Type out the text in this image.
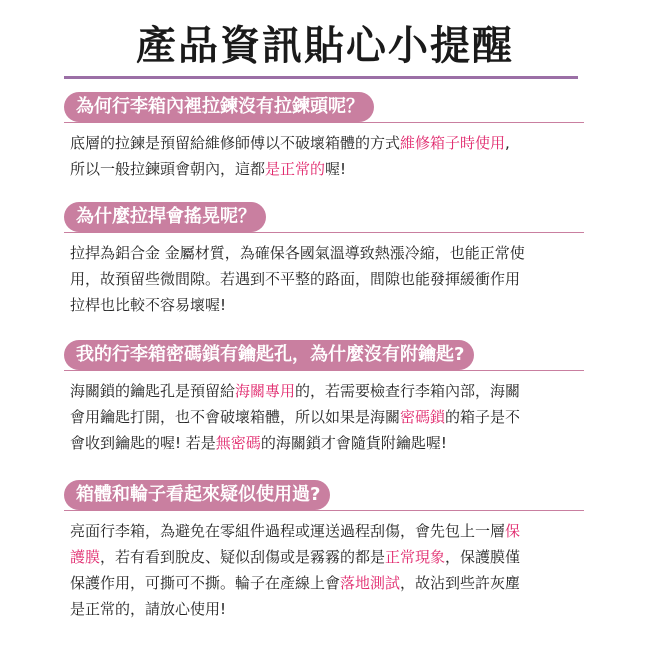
產品資訊貼心小提醒
為何行李箱內裡拉鍊沒有拉鍊頭呢？
底層的拉鍊是預留給維修師傅以不破壞箱體的方式維修箱子時使用,
所以一般拉鍊頭會朝內，這都是正常的喔!
為什麼拉捍會搖晃呢？
拉捍為鋁合金 金屬材質，為確保各國氣溫導致熱漲冷縮，也能正常使
用，故預留些微間隙。若遇到不平整的路面，間隙也能發揮緩衝作用
拉桿也比較不容易壞喔!
我的行李箱密碼鎖有鑰匙孔，為什麼沒有附鑰匙?
海關鎖的鑰匙孔是預留給海關專用的，若需要檢查行李箱內部，海關
會用鑰匙打開，也不會破壞箱體，所以如果是海關密碼鎖的箱子是不
會收到鑰匙的喔! 若是無密碼的海關鎖才會隨貨附鑰匙喔!
箱體和輪子看起來疑似使用過?
亮面行李箱，為避免在零組件過程或運送過程刮傷，會先包上一層保
護膜，若有看到脫皮、疑似刮傷或是霧霧的都是正常現象，保護膜僅
保護作用，可撕可不撕。輪子在產線上會落地測試，故沾到些許灰塵
是正常的，請放心使用!
